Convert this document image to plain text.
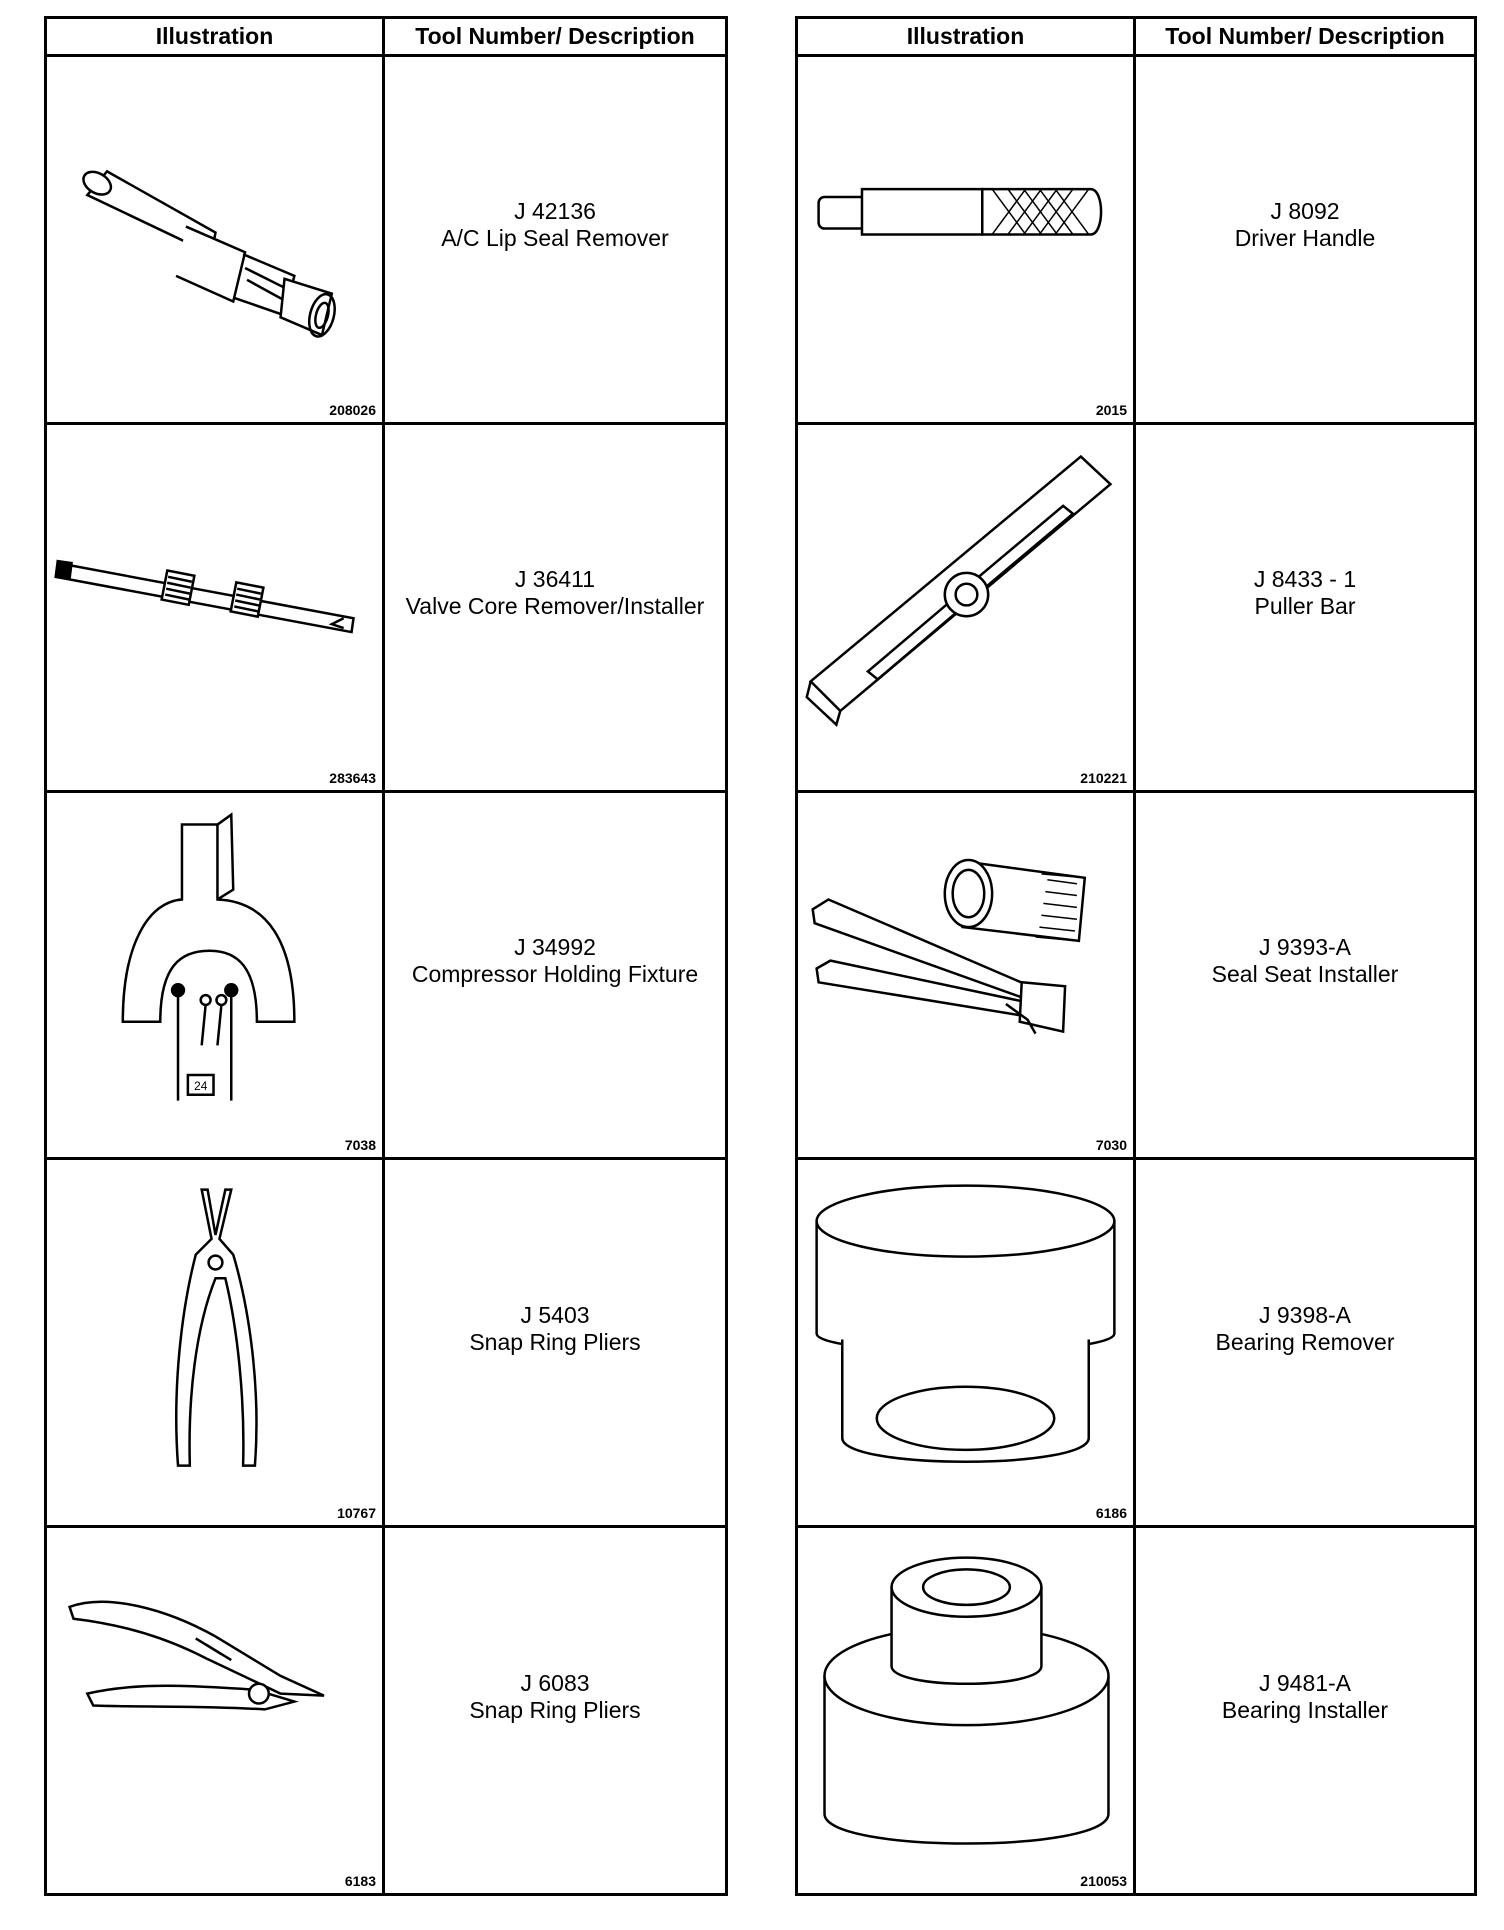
Illustration	Tool Number/ Description
208026
J 42136
A/C Lip Seal Remover
283643
J 36411
Valve Core Remover/Installer
24
7038
J 34992
Compressor Holding Fixture
10767
J 5403
Snap Ring Pliers
6183
J 6083
Snap Ring Pliers
Illustration	Tool Number/ Description
2015
J 8092
Driver Handle
210221
J 8433 - 1
Puller Bar
7030
J 9393-A
Seal Seat Installer
6186
J 9398-A
Bearing Remover
210053
J 9481-A
Bearing Installer
